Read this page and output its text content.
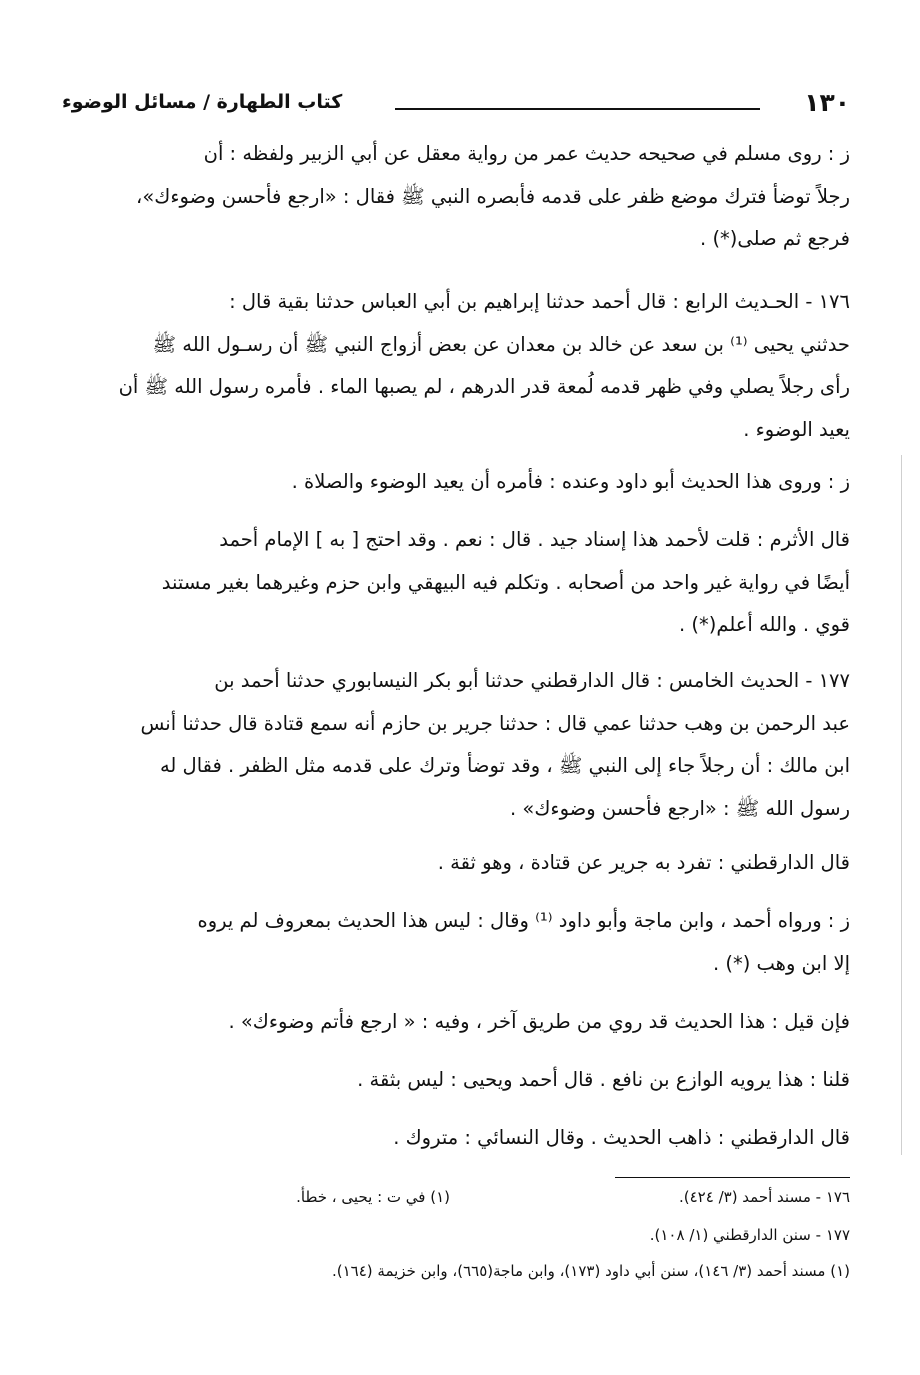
١٣٠
كتاب الطهارة / مسائل الوضوء

ز : روى مسلم في صحيحه حديث عمر من رواية معقل عن أبي الزبير ولفظه : أن

رجلاً توضأ فترك موضع ظفر على قدمه فأبصره النبي ﷺ فقال : «ارجع فأحسن وضوءك»،

فرجع ثم صلى(*) .

١٧٦ - الحـديث الرابع : قال أحمد حدثنا إبراهيم بن أبي العباس حدثنا بقية قال :

حدثني يحيى ⁽¹⁾ بن سعد عن خالد بن معدان عن بعض أزواج النبي ﷺ أن رسـول الله ﷺ

رأى رجلاً يصلي وفي ظهر قدمه لُمعة قدر الدرهم ، لم يصبها الماء . فأمره رسول الله ﷺ أن

يعيد الوضوء .

ز : وروى هذا الحديث أبو داود وعنده : فأمره أن يعيد الوضوء والصلاة .

قال الأثرم : قلت لأحمد هذا إسناد جيد . قال : نعم . وقد احتج [ به ] الإمام أحمد

أيضًا في رواية غير واحد من أصحابه . وتكلم فيه البيهقي وابن حزم وغيرهما بغير مستند

قوي . والله أعلم(*) .

١٧٧ - الحديث الخامس : قال الدارقطني حدثنا أبو بكر النيسابوري حدثنا أحمد بن

عبد الرحمن بن وهب حدثنا عمي قال : حدثنا جرير بن حازم أنه سمع قتادة قال حدثنا أنس

ابن مالك : أن رجلاً جاء إلى النبي ﷺ ، وقد توضأ وترك على قدمه مثل الظفر . فقال له

رسول الله ﷺ : «ارجع فأحسن وضوءك» .

قال الدارقطني : تفرد به جرير عن قتادة ، وهو ثقة .

ز : ورواه أحمد ، وابن ماجة وأبو داود ⁽¹⁾ وقال : ليس هذا الحديث بمعروف لم يروه

إلا ابن وهب (*) .

فإن قيل : هذا الحديث قد روي من طريق آخر ، وفيه : « ارجع فأتم وضوءك» .

قلنا : هذا يرويه الوازع بن نافع . قال أحمد ويحيى : ليس بثقة .

قال الدارقطني : ذاهب الحديث . وقال النسائي : متروك .

١٧٦ - مسند أحمد (٣/ ٤٢٤).
(١) في ت : يحيى ، خطأ.
١٧٧ - سنن الدارقطني (١/ ١٠٨).
(١) مسند أحمد (٣/ ١٤٦)، سنن أبي داود (١٧٣)، وابن ماجة(٦٦٥)، وابن خزيمة (١٦٤).
